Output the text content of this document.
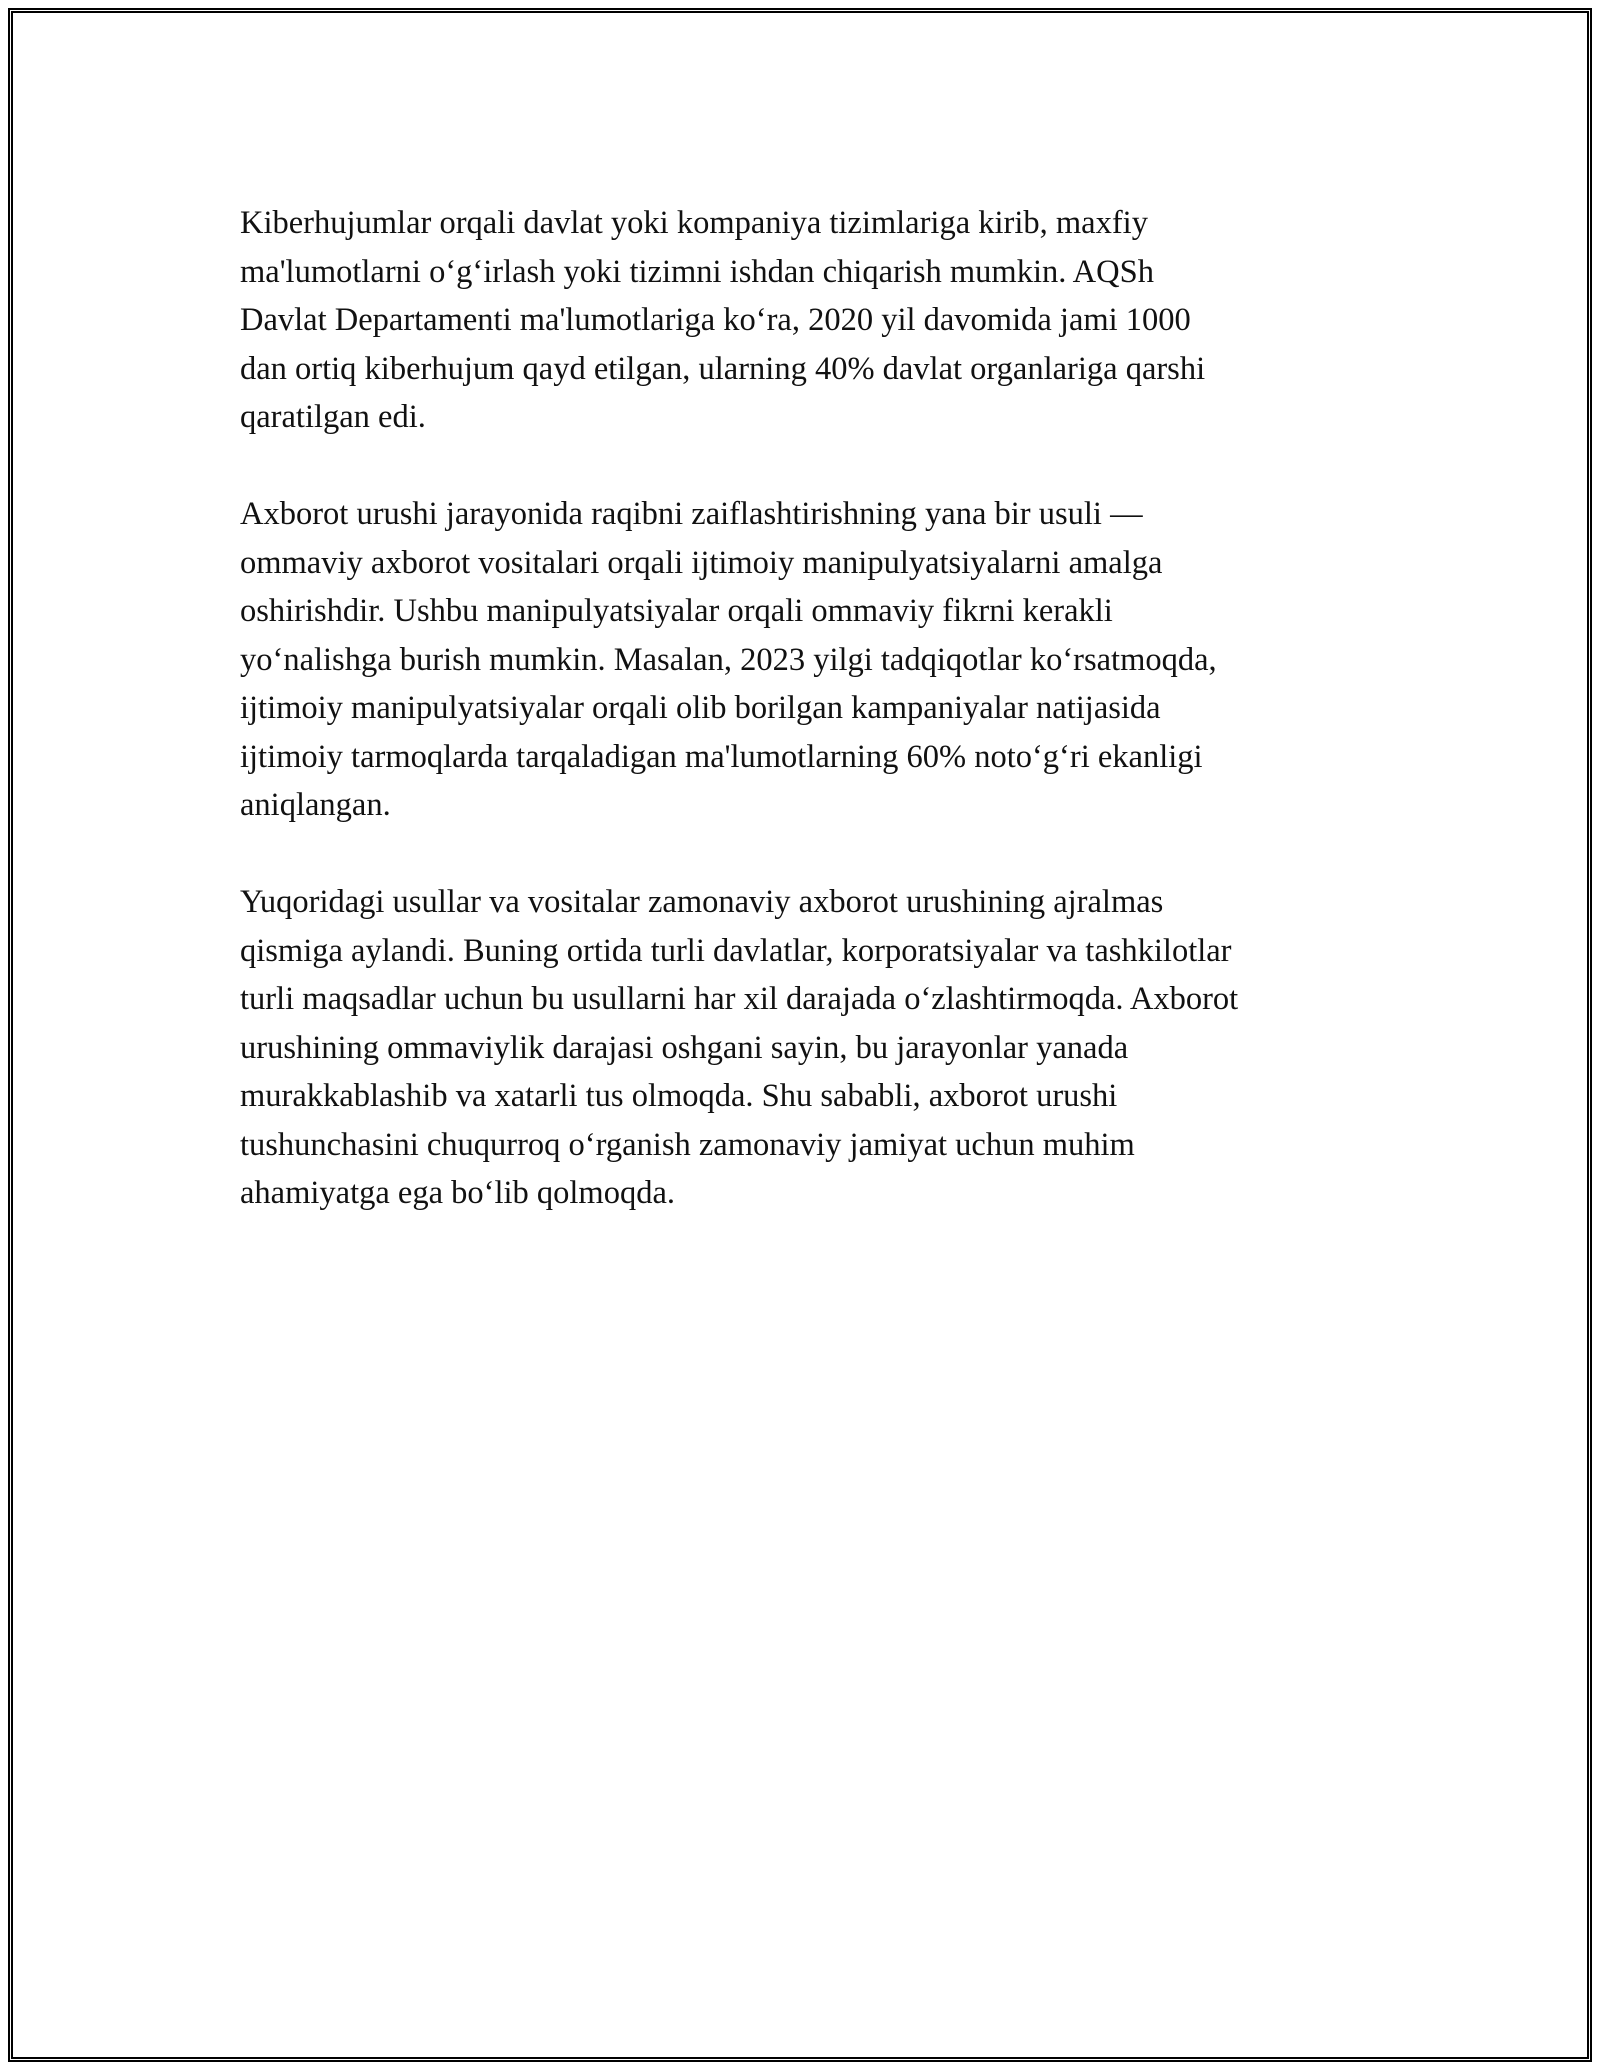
Kiberhujumlar orqali davlat yoki kompaniya tizimlariga kirib, maxfiy
ma'lumotlarni o‘g‘irlash yoki tizimni ishdan chiqarish mumkin. AQSh
Davlat Departamenti ma'lumotlariga ko‘ra, 2020 yil davomida jami 1000
dan ortiq kiberhujum qayd etilgan, ularning 40% davlat organlariga qarshi
qaratilgan edi.

Axborot urushi jarayonida raqibni zaiflashtirishning yana bir usuli —
ommaviy axborot vositalari orqali ijtimoiy manipulyatsiyalarni amalga
oshirishdir. Ushbu manipulyatsiyalar orqali ommaviy fikrni kerakli
yo‘nalishga burish mumkin. Masalan, 2023 yilgi tadqiqotlar ko‘rsatmoqda,
ijtimoiy manipulyatsiyalar orqali olib borilgan kampaniyalar natijasida
ijtimoiy tarmoqlarda tarqaladigan ma'lumotlarning 60% noto‘g‘ri ekanligi
aniqlangan.

Yuqoridagi usullar va vositalar zamonaviy axborot urushining ajralmas
qismiga aylandi. Buning ortida turli davlatlar, korporatsiyalar va tashkilotlar
turli maqsadlar uchun bu usullarni har xil darajada o‘zlashtirmoqda. Axborot
urushining ommaviylik darajasi oshgani sayin, bu jarayonlar yanada
murakkablashib va xatarli tus olmoqda. Shu sababli, axborot urushi
tushunchasini chuqurroq o‘rganish zamonaviy jamiyat uchun muhim
ahamiyatga ega bo‘lib qolmoqda.
